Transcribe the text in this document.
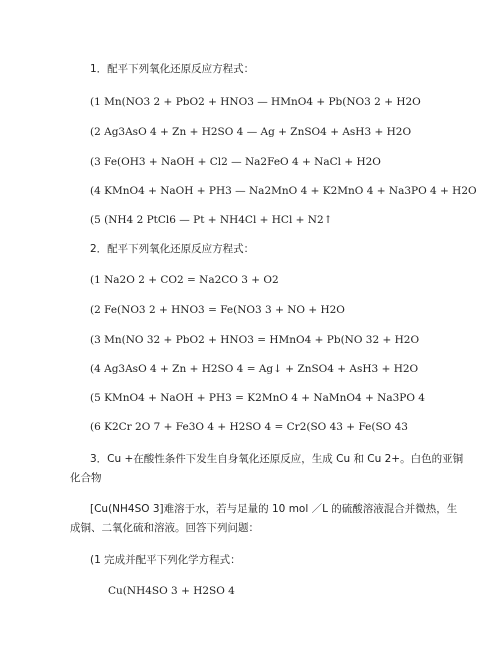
1．配平下列氧化还原反应方程式：
(1 Mn(NO3 2 + PbO2 + HNO3 — HMnO4 + Pb(NO3 2 + H2O
(2 Ag3AsO 4 + Zn + H2SO 4 — Ag + ZnSO4 + AsH3 + H2O
(3 Fe(OH3 + NaOH + Cl2 — Na2FeO 4 + NaCl + H2O
(4 KMnO4 + NaOH + PH3 — Na2MnO 4 + K2MnO 4 + Na3PO 4 + H2O
(5 (NH4 2 PtCl6 — Pt + NH4Cl + HCl + N2↑
2．配平下列氧化还原反应方程式：
(1 Na2O 2 + CO2 = Na2CO 3 + O2
(2 Fe(NO3 2 + HNO3 = Fe(NO3 3 + NO + H2O
(3 Mn(NO 32 + PbO2 + HNO3 = HMnO4 + Pb(NO 32 + H2O
(4 Ag3AsO 4 + Zn + H2SO 4 = Ag↓ + ZnSO4 + AsH3 + H2O
(5 KMnO4 + NaOH + PH3 = K2MnO 4 + NaMnO4 + Na3PO 4
(6 K2Cr 2O 7 + Fe3O 4 + H2SO 4 = Cr2(SO 43 + Fe(SO 43
3．Cu +在酸性条件下发生自身氧化还原反应，生成 Cu 和 Cu 2+。白色的亚铜
化合物
[Cu(NH4SO 3]难溶于水，若与足量的 10 mol ／L 的硫酸溶液混合并微热，生
成铜、二氧化硫和溶液。回答下列问题：
(1 完成并配平下列化学方程式：
Cu(NH4SO 3 + H2SO 4
